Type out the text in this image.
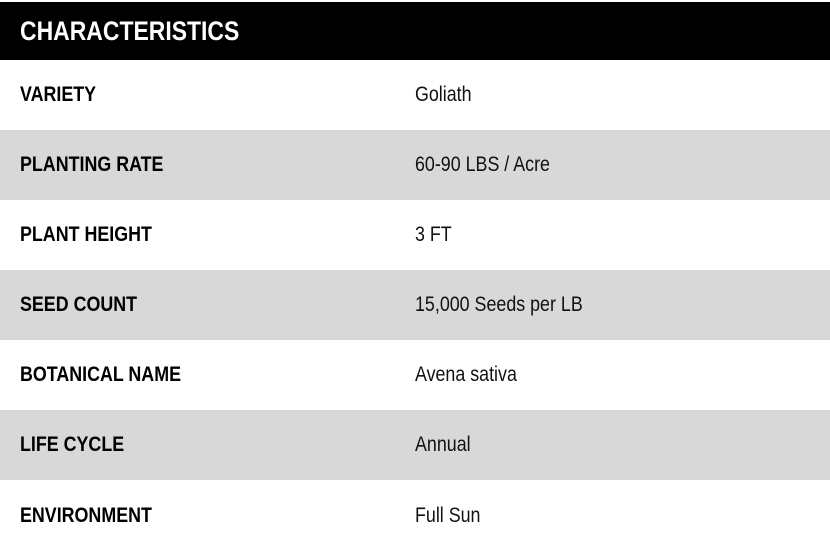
CHARACTERISTICS
VARIETY	Goliath
PLANTING RATE	60-90 LBS / Acre
PLANT HEIGHT	3 FT
SEED COUNT	15,000 Seeds per LB
BOTANICAL NAME	Avena sativa
LIFE CYCLE	Annual
ENVIRONMENT	Full Sun
